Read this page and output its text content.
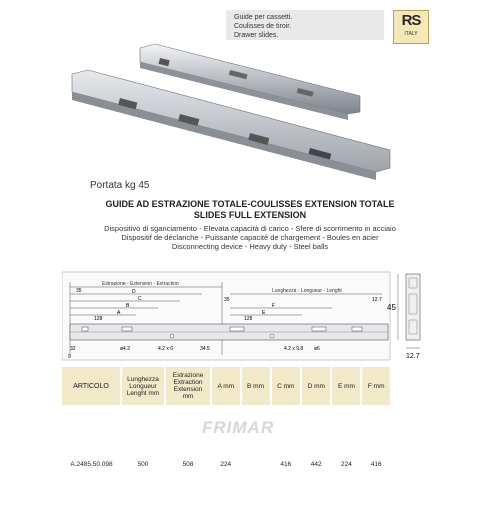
Guide per cassetti.
Coulisses de tiroir.
Drawer slides.
RS
ITALY
Portata kg 45
GUIDE AD ESTRAZIONE TOTALE-COULISSES EXTENSION TOTALE
SLIDES FULL EXTENSION
Dispositivo di sganciamento - Elevata capacità di carico - Sfere di scorrimento in acciaio
Dispositif de déclanche - Puissante capacité de chargement - Boules en acier
Disconnecting device - Heavy duty - Steel balls
Estrazione - Extension - Extraction
Lunghezza - Longueur - Lenght
35	D
C
B
A
128
35
F
E
128
12.7
32
9
ø4.2	4.2 x 6	34.5	4.2 x 9.8 ø6
45
12.7
ARTICOLO	Lunghezza Longueur Lenght mm	Estrazione Extraction Extension mm	A mm	B mm	C mm	D mm	E mm	F mm

A.2485.50.098	500	508	224		416	442	224	416
FRIMAR
